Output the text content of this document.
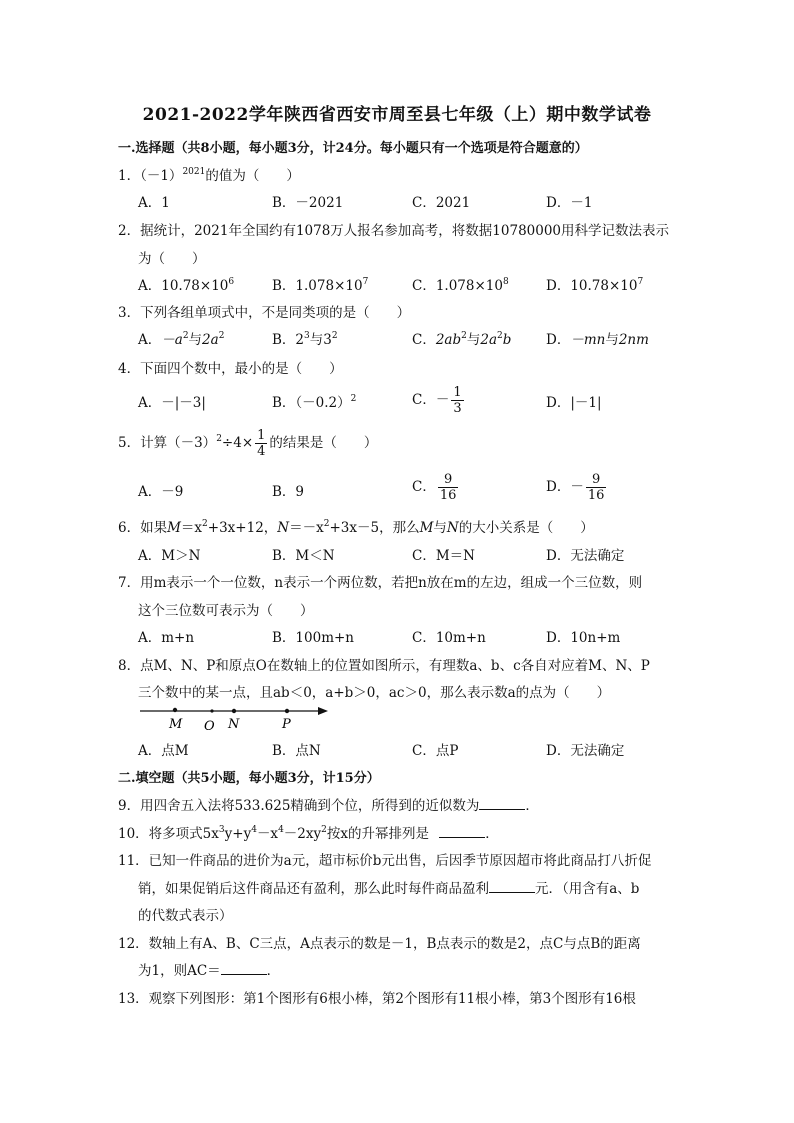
2021-2022学年陕西省西安市周至县七年级（上）期中数学试卷
一.选择题（共8小题，每小题3分，计24分。每小题只有一个选项是符合题意的）
1．$(-1)^{2021}$的值为（　　）
A．1	B．－2021	C．2021	D．－1
2．据统计，2021年全国约有1078万人报名参加高考，将数据10780000用科学记数法表示
为（　　）
A．$10.78\times 10^6$	B．$1.078\times 10^7$	C．$1.078\times 10^8$	D．$10.78\times 10^7$
3．下列各组单项式中，不是同类项的是（　　）
A．$-a^2$与$2a^2$	B．$2^3$与$3^2$	C．$2ab^2$与$2a^2b$	D．－mn与2nm
4．下面四个数中，最小的是（　　）
A．－|－3|	B．$(-0.2)^2$	C．－ $\frac{1}{3}$	D．|－1|
5．计算$(-3)^2\div 4\times \frac{1}{4}$ 的结果是（　　）
A．－9	B．9	C． $\frac{9}{16}$	D．－ $\frac{9}{16}$
6．如果$M=x^2+3x+12$，$N=-x^2+3x-5$，那么M与N的大小关系是（　　）
A．M＞N	B．M＜N	C．M＝N	D．无法确定
7．用m表示一个一位数，n表示一个两位数，若把n放在m的左边，组成一个三位数，则
这个三位数可表示为（　　）
A．m+n	B．100m+n	C．10m+n	D．10n+m
8．点M、N、P和原点O在数轴上的位置如图所示，有理数a、b、c各自对应着M、N、P
三个数中的某一点，且ab＜0，a+b＞0，ac＞0，那么表示数a的点为（　　）
M O N	P
A．点M	B．点N	C．点P	D．无法确定
二.填空题（共5小题，每小题3分，计15分）
9．用四舍五入法将533.625精确到个位，所得到的近似数为	．
10．将多项式$5x^3y+y^4-x^4-2xy^2$按x的升幂排列是	．
11．已知一件商品的进价为a元，超市标价b元出售，后因季节原因超市将此商品打八折促
销，如果促销后这件商品还有盈利，那么此时每件商品盈利	元．（用含有a、b
的代数式表示）
12．数轴上有A、B、C三点，A点表示的数是－1，B点表示的数是2，点C与点B的距离
为1，则AC＝	．
13．观察下列图形：第1个图形有6根小棒，第2个图形有11根小棒，第3个图形有16根
